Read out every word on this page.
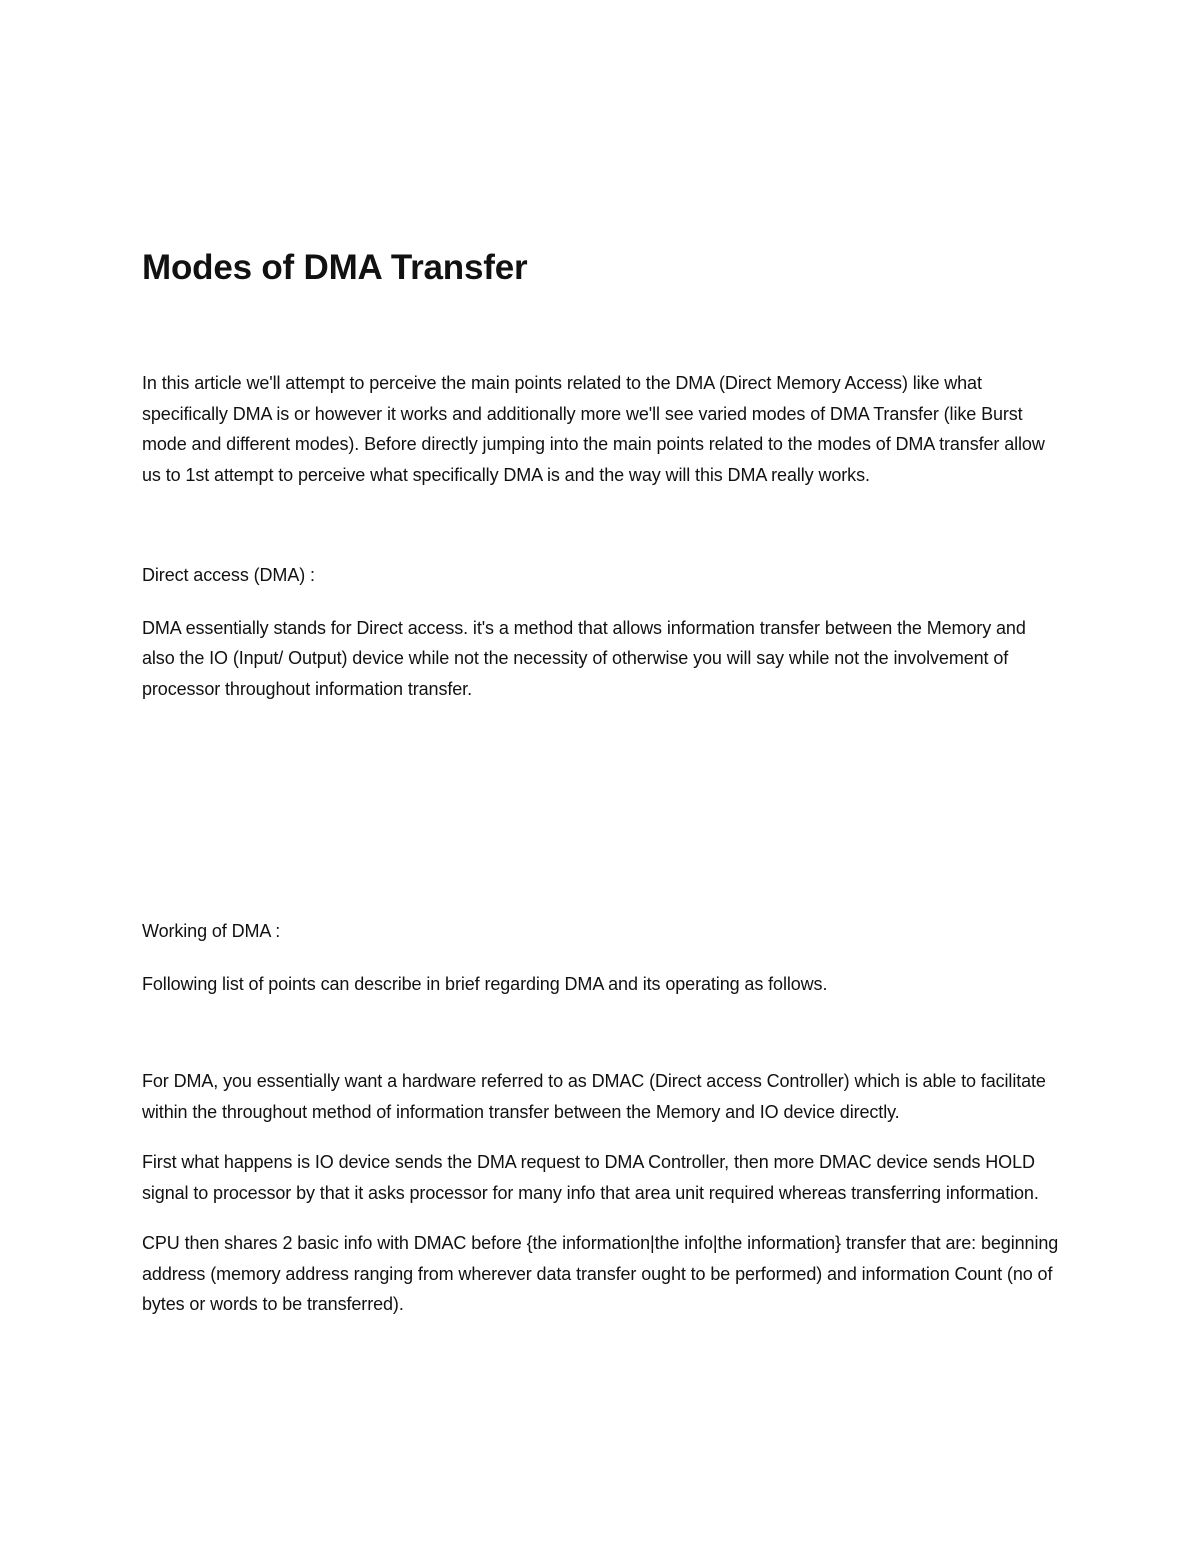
Modes of DMA Transfer

In this article we'll attempt to perceive the main points related to the DMA (Direct Memory Access) like what specifically DMA is or however it works and additionally more we'll see varied modes of DMA Transfer (like Burst mode and different modes). Before directly jumping into the main points related to the modes of DMA transfer allow us to 1st attempt to perceive what specifically DMA is and the way will this DMA really works.

Direct access (DMA) :

DMA essentially stands for Direct access. it's a method that allows information transfer between the Memory and also the IO (Input/ Output) device while not the necessity of otherwise you will say while not the involvement of processor throughout information transfer.

Working of DMA :

Following list of points can describe in brief regarding DMA and its operating as follows.

For DMA, you essentially want a hardware referred to as DMAC (Direct access Controller) which is able to facilitate within the throughout method of information transfer between the Memory and IO device directly.

First what happens is IO device sends the DMA request to DMA Controller, then more DMAC device sends HOLD signal to processor by that it asks processor for many info that area unit required whereas transferring information.

CPU then shares 2 basic info with DMAC before {the information|the info|the information} transfer that are: beginning address (memory address ranging from wherever data transfer ought to be performed) and information Count (no of bytes or words to be transferred).
